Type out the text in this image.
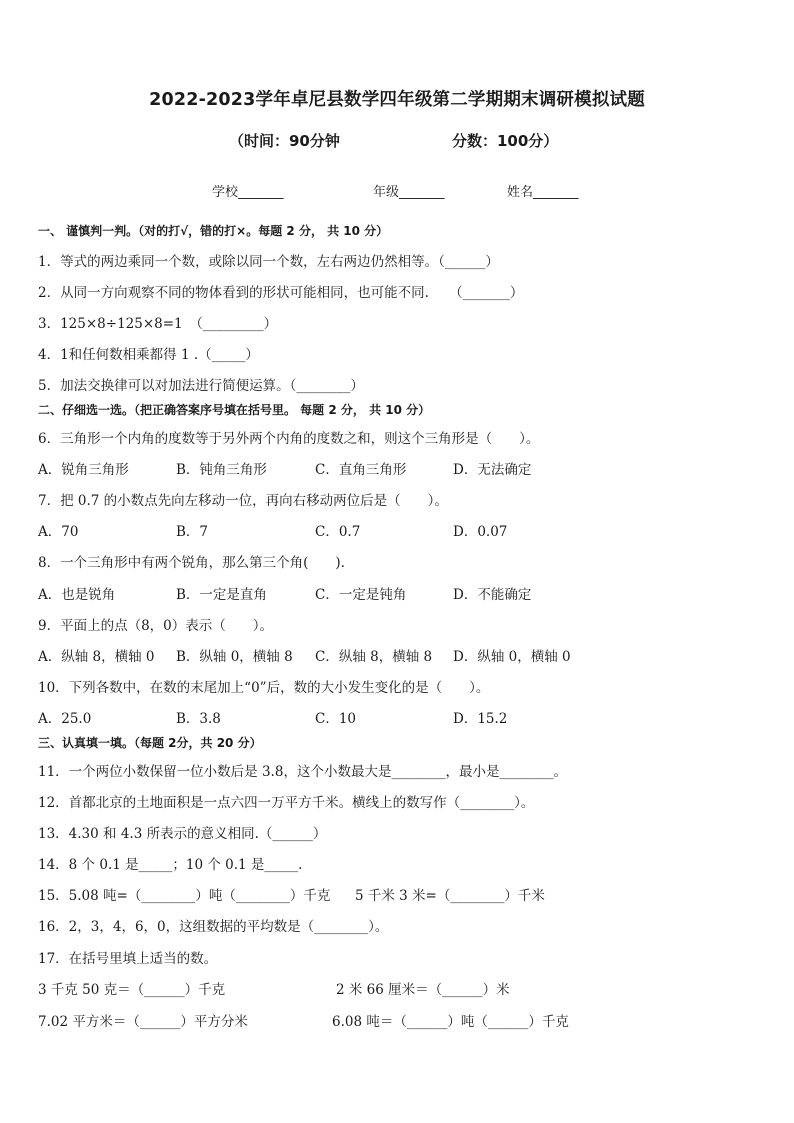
2022-2023学年卓尼县数学四年级第二学期期末调研模拟试题
（时间：90分钟	分数：100分）
学校_______	年级_______	姓名_______
一、 谨慎判一判。（对的打√，错的打×。每题 2 分， 共 10 分）
1．等式的两边乘同一个数，或除以同一个数，左右两边仍然相等。（______）
2．从同一方向观察不同的物体看到的形状可能相同，也可能不同.　　（_______）
3．125×8÷125×8=1　（_________）
4．1和任何数相乘都得 1 .（_____）
5．加法交换律可以对加法进行简便运算。（________）
二、仔细选一选。（把正确答案序号填在括号里。 每题 2 分， 共 10 分）
6．三角形一个内角的度数等于另外两个内角的度数之和，则这个三角形是（　　）。
A．锐角三角形	B．钝角三角形	C．直角三角形	D．无法确定
7．把 0.7 的小数点先向左移动一位，再向右移动两位后是（　　）。
A．70	B．7	C．0.7	D．0.07
8．一个三角形中有两个锐角，那么第三个角(　　).
A．也是锐角	B．一定是直角	C．一定是钝角	D．不能确定
9．平面上的点（8，0）表示（　　）。
A．纵轴 8，横轴 0 B．纵轴 0，横轴 8 C．纵轴 8，横轴 8 D．纵轴 0，横轴 0
10．下列各数中，在数的末尾加上“0”后，数的大小发生变化的是（　　）。
A．25.0	B．3.8	C．10	D．15.2
三、认真填一填。（每题 2分，共 20 分）
11．一个两位小数保留一位小数后是 3.8，这个小数最大是________，最小是________。
12．首都北京的土地面积是一点六四一万平方千米。横线上的数写作（________）。
13．4.30 和 4.3 所表示的意义相同.（______）
14．8 个 0.1 是_____；10 个 0.1 是_____.
15．5.08 吨=（________）吨（________）千克 5 千米 3 米=（________）千米
16．2，3，4，6，0，这组数据的平均数是（________）。
17．在括号里填上适当的数。
3 千克 50 克＝（______）千克	2 米 66 厘米＝（______）米
7.02 平方米＝（______）平方分米	6.08 吨＝（______）吨（______）千克
